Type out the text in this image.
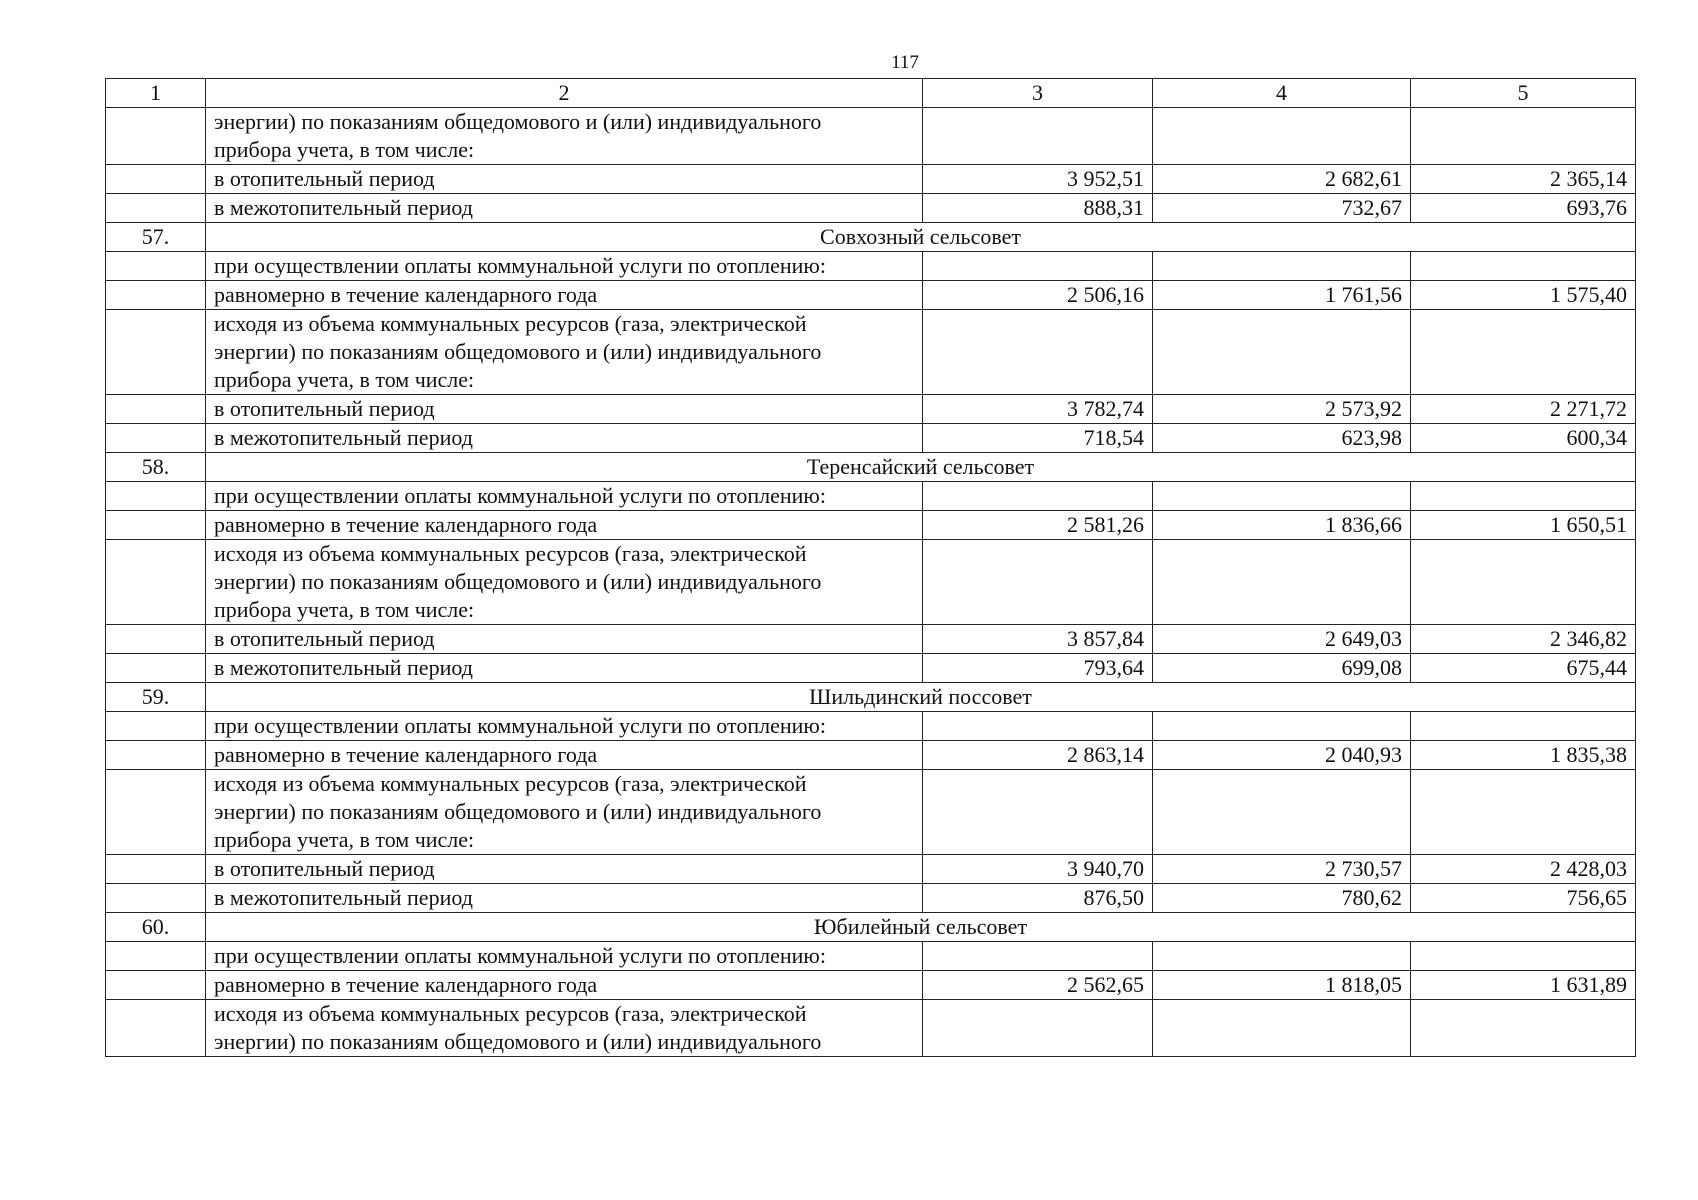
117
1	2	3	4	5

	энергии) по показаниям общедомового и (или) индивидуального
прибора учета, в том числе:			

	в отопительный период	3 952,51	2 682,61	2 365,14
	в межотопительный период	888,31	732,67	693,76
57.	Совхозный сельсовет			

	при осуществлении оплаты коммунальной услуги по отоплению:			

	равномерно в течение календарного года	2 506,16	1 761,56	1 575,40

	исходя из объема коммунальных ресурсов (газа, электрической
энергии) по показаниям общедомового и (или) индивидуального
прибора учета, в том числе:			

	в отопительный период	3 782,74	2 573,92	2 271,72
	в межотопительный период	718,54	623,98	600,34
58.	Теренсайский сельсовет			

	при осуществлении оплаты коммунальной услуги по отоплению:			

	равномерно в течение календарного года	2 581,26	1 836,66	1 650,51

	исходя из объема коммунальных ресурсов (газа, электрической
энергии) по показаниям общедомового и (или) индивидуального
прибора учета, в том числе:			

	в отопительный период	3 857,84	2 649,03	2 346,82
	в межотопительный период	793,64	699,08	675,44
59.	Шильдинский поссовет			

	при осуществлении оплаты коммунальной услуги по отоплению:			

	равномерно в течение календарного года	2 863,14	2 040,93	1 835,38

	исходя из объема коммунальных ресурсов (газа, электрической
энергии) по показаниям общедомового и (или) индивидуального
прибора учета, в том числе:			

	в отопительный период	3 940,70	2 730,57	2 428,03
	в межотопительный период	876,50	780,62	756,65
60.	Юбилейный сельсовет			

	при осуществлении оплаты коммунальной услуги по отоплению:			

	равномерно в течение календарного года	2 562,65	1 818,05	1 631,89

	исходя из объема коммунальных ресурсов (газа, электрической
энергии) по показаниям общедомового и (или) индивидуального			
